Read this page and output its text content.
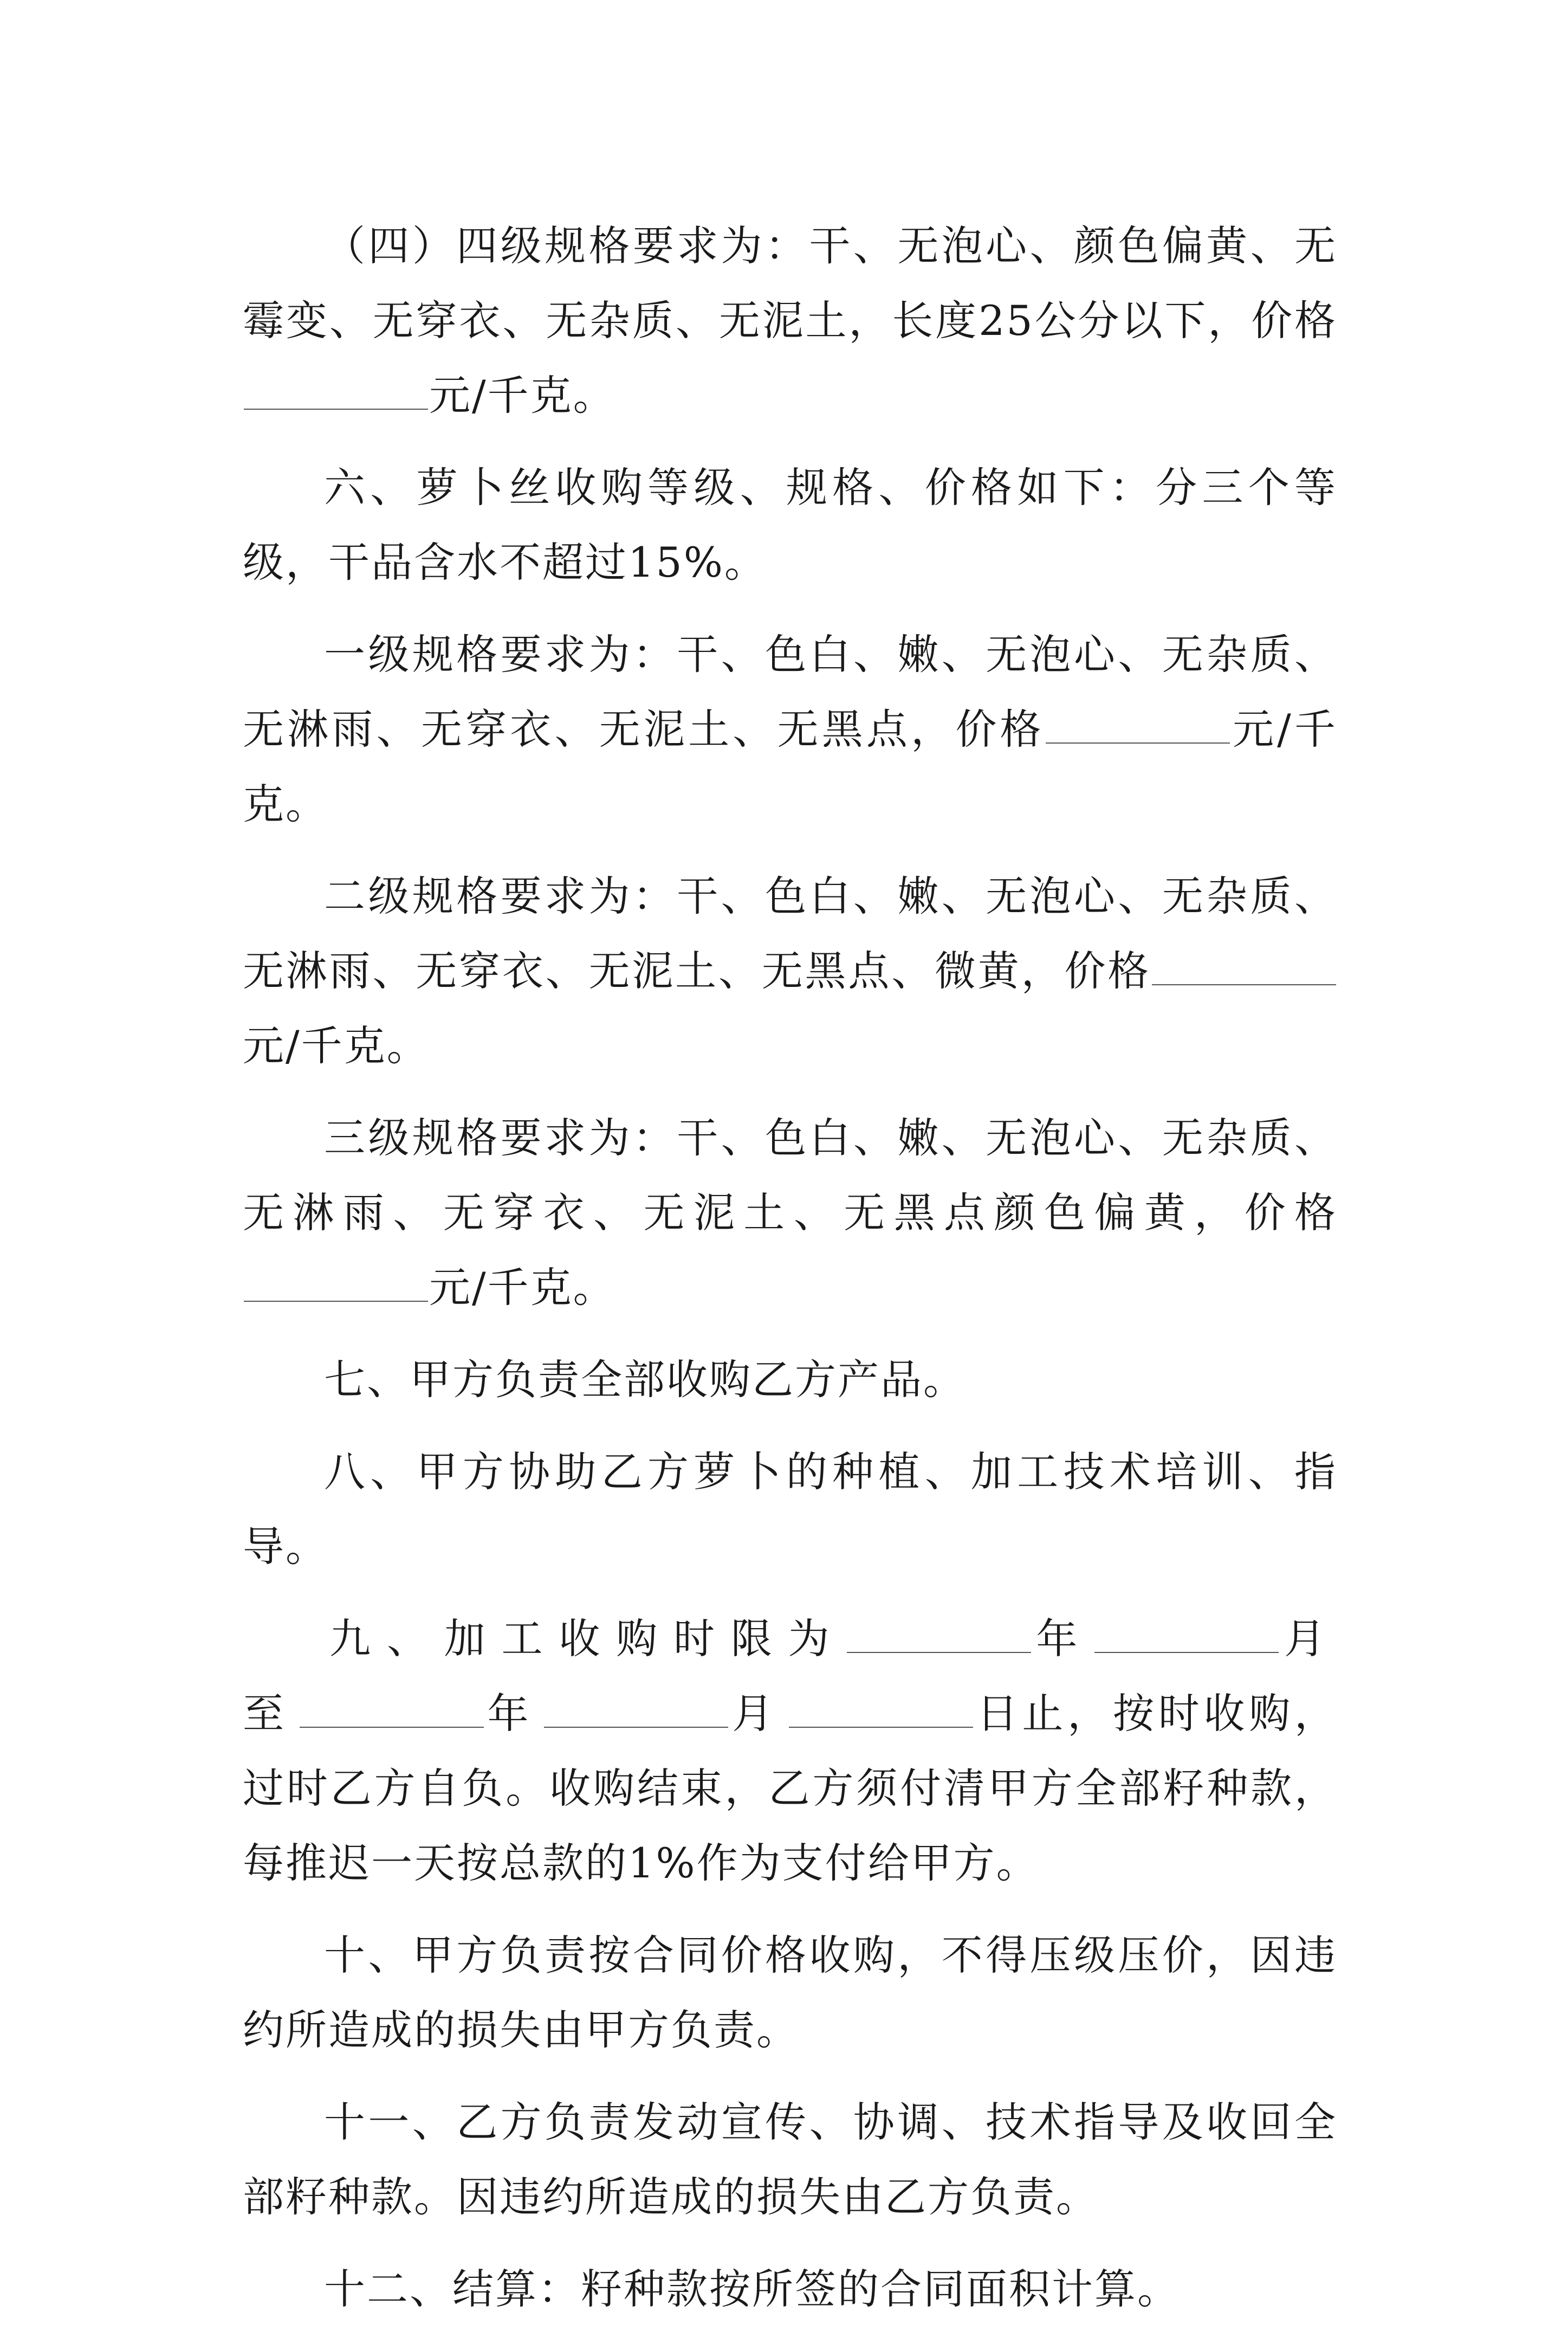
（四）四级规格要求为：干、无泡心、颜色偏黄、无霉变、无穿衣、无杂质、无泥土，长度25公分以下，价格元/千克。

六、萝卜丝收购等级、规格、价格如下：分三个等级，干品含水不超过15%。

一级规格要求为：干、色白、嫩、无泡心、无杂质、无淋雨、无穿衣、无泥土、无黑点，价格	元/千克。

二级规格要求为：干、色白、嫩、无泡心、无杂质、无淋雨、无穿衣、无泥土、无黑点、微黄，价格元/千克。

三级规格要求为：干、色白、嫩、无泡心、无杂质、无淋雨、无穿衣、无泥土、无黑点颜色偏黄，价格元/千克。

七、甲方负责全部收购乙方产品。

八、甲方协助乙方萝卜的种植、加工技术培训、指导。

九、加工收购时限为	年	月至	年	月	日止，按时收购，过时乙方自负。收购结束，乙方须付清甲方全部籽种款，每推迟一天按总款的1%作为支付给甲方。

十、甲方负责按合同价格收购，不得压级压价，因违约所造成的损失由甲方负责。

十一、乙方负责发动宣传、协调、技术指导及收回全部籽种款。因违约所造成的损失由乙方负责。

十二、结算：籽种款按所签的合同面积计算。
